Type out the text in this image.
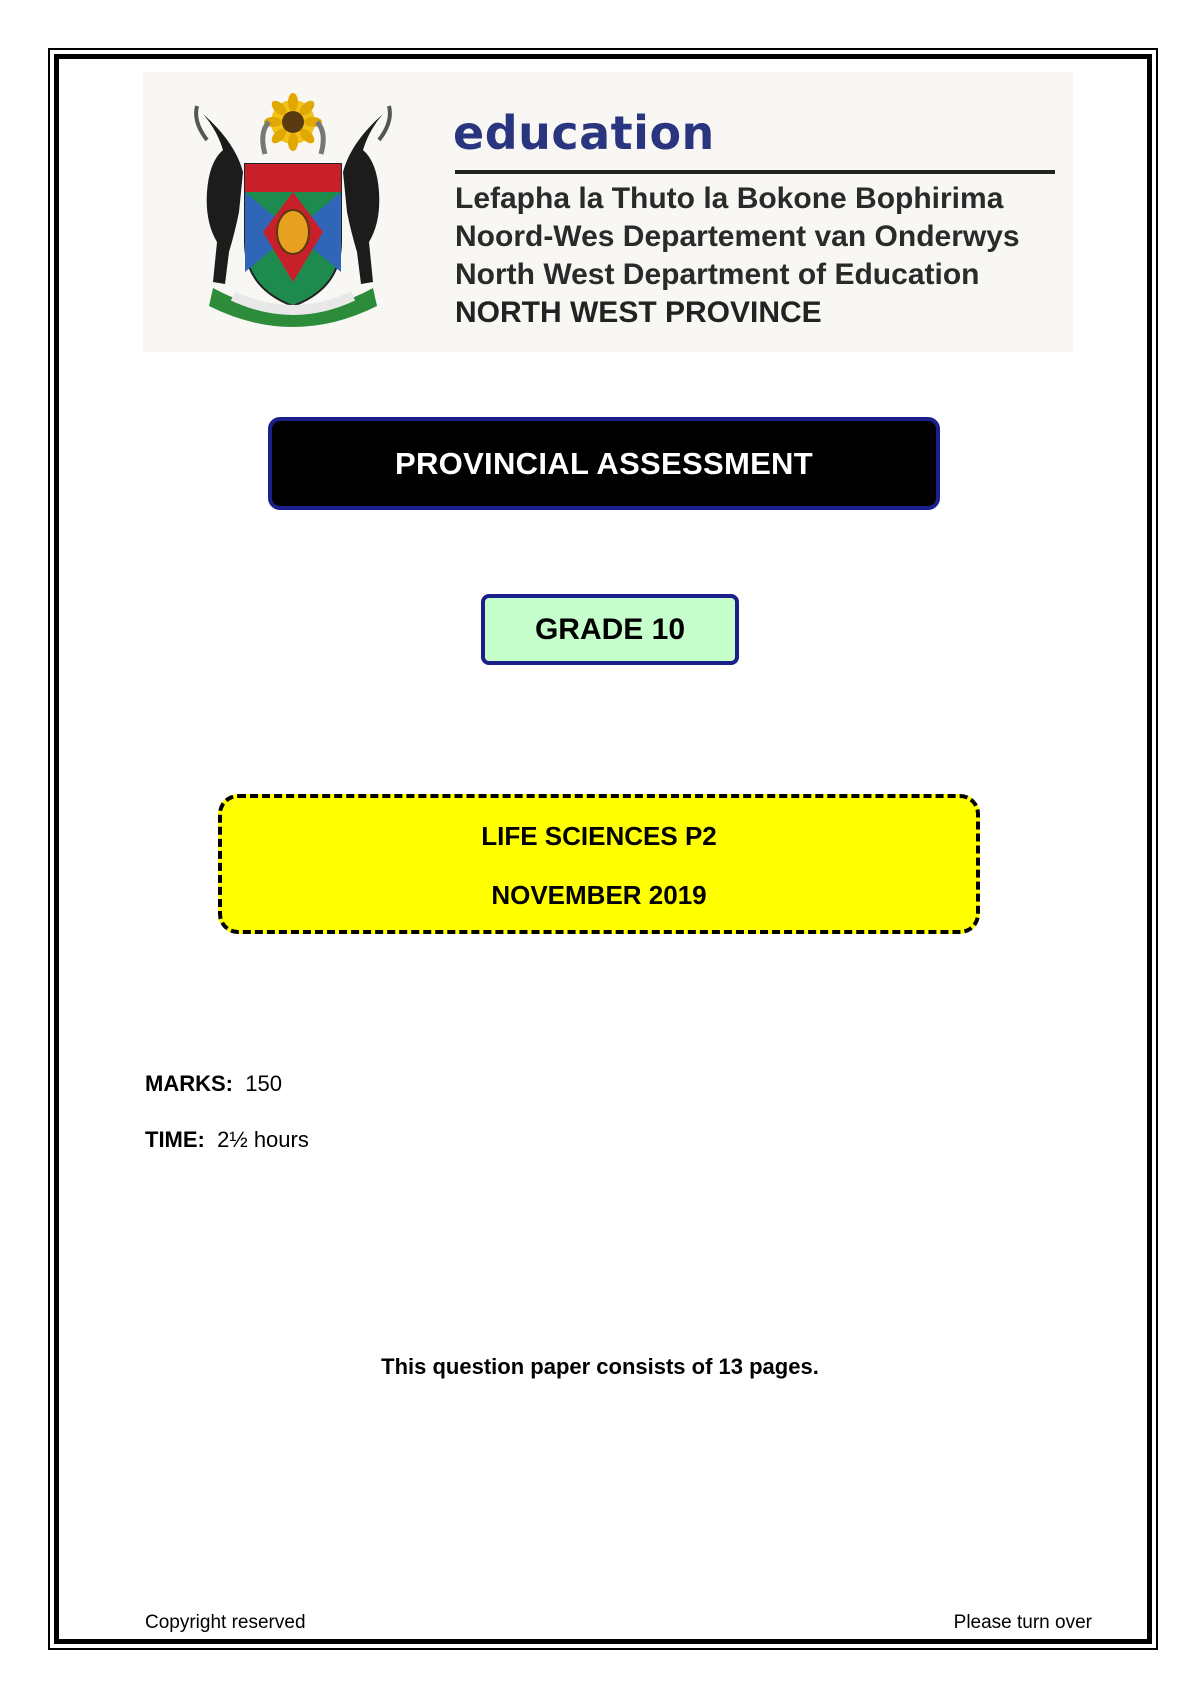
education
Lefapha la Thuto la Bokone Bophirima
Noord-Wes Departement van Onderwys
North West Department of Education
NORTH WEST PROVINCE
PROVINCIAL ASSESSMENT
GRADE 10
LIFE SCIENCES P2
NOVEMBER 2019
MARKS: 150
TIME: 2½ hours
This question paper consists of 13 pages.
Copyright reserved	Please turn over
